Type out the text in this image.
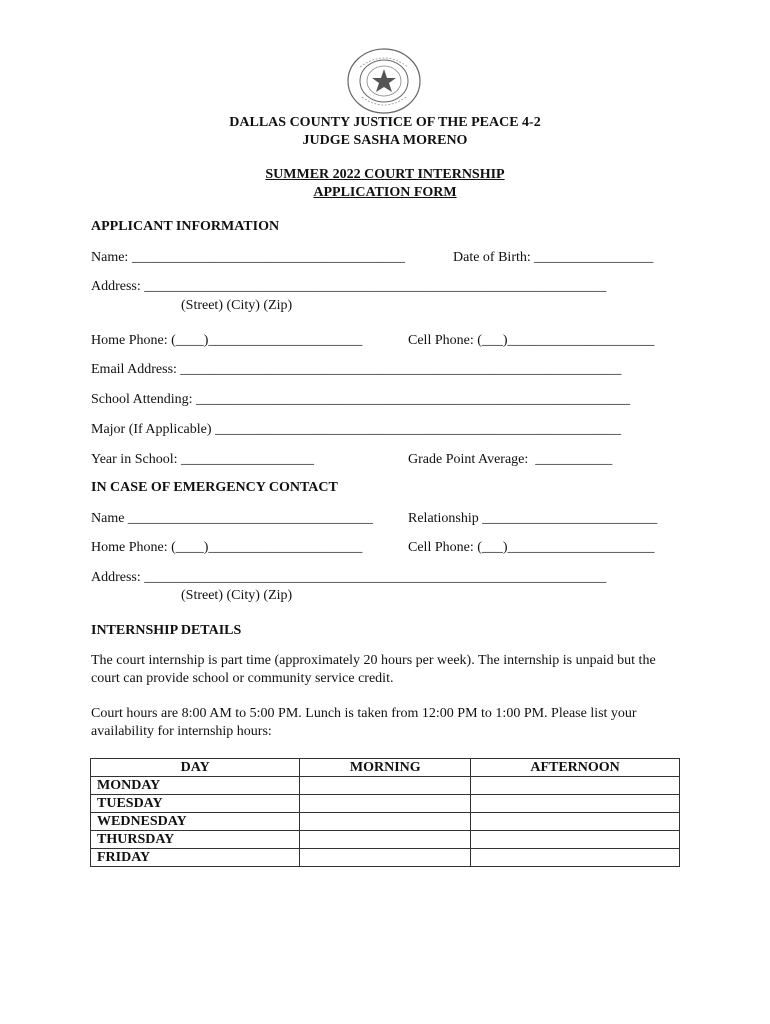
DALLAS COUNTY JUSTICE OF THE PEACE 4-2
JUDGE SASHA MORENO
SUMMER 2022 COURT INTERNSHIP
APPLICATION FORM
APPLICANT INFORMATION
Name: _______________________________________	Date of Birth: _________________
Address: __________________________________________________________________
(Street) (City) (Zip)
Home Phone: (____)______________________	Cell Phone: (___)_____________________
Email Address: _______________________________________________________________
School Attending: ______________________________________________________________
Major (If Applicable) __________________________________________________________
Year in School: ___________________	Grade Point Average:  ___________
IN CASE OF EMERGENCY CONTACT
Name ___________________________________	Relationship _________________________
Home Phone: (____)______________________	Cell Phone: (___)_____________________
Address: __________________________________________________________________
(Street) (City) (Zip)
INTERNSHIP DETAILS
The court internship is part time (approximately 20 hours per week). The internship is unpaid but the court can provide school or community service credit.
Court hours are 8:00 AM to 5:00 PM. Lunch is taken from 12:00 PM to 1:00 PM. Please list your availability for internship hours:
DAY	MORNING	AFTERNOON
MONDAY		
TUESDAY		
WEDNESDAY		
THURSDAY		
FRIDAY		
